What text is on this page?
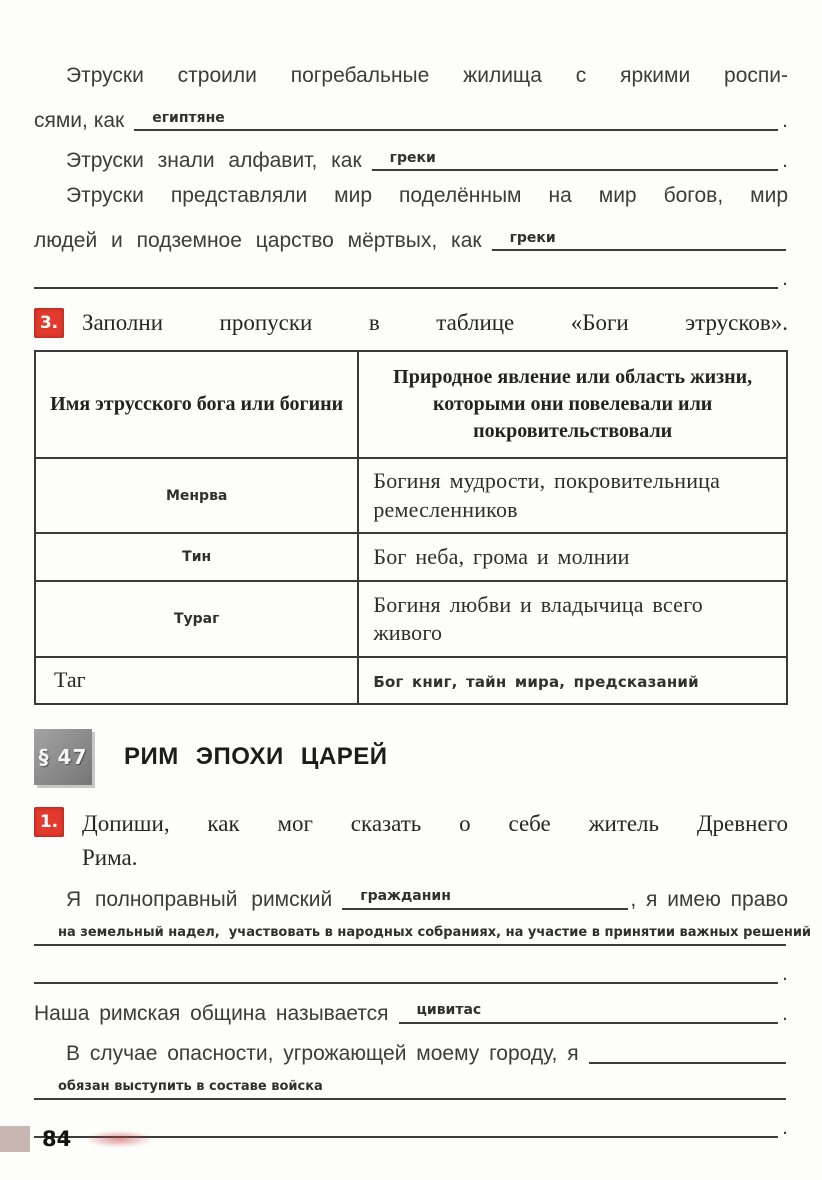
Этруски строили погребальные жилища с яркими роспи-
сями, как египтяне	.
Этруски знали алфавит, как греки	.
Этруски представляли мир поделённым на мир богов, мир
людей и подземное царство мёртвых, как греки
.
3. Заполни пропуски в таблице «Боги этрусков».
Имя этрусского бога или богини	Природное явление или область жизни, которыми они повелевали или покровительствовали
Менрва	Богиня мудрости, покровительница ремесленников
Тин	Бог неба, грома и молнии
Тураг	Богиня любви и владычица всего живого
Таг	Бог книг, тайн мира, предсказаний
§ 47 РИМ ЭПОХИ ЦАРЕЙ
1. Допиши, как мог сказать о себе житель Древнего
Рима.
Я полноправный римский гражданин	, я имею право
на земельный надел,  участвовать в народных собраниях, на участие в принятии важных решений
.
Наша римская община называется цивитас	.
В случае опасности, угрожающей моему городу, я
обязан выступить в составе войска
.
84
